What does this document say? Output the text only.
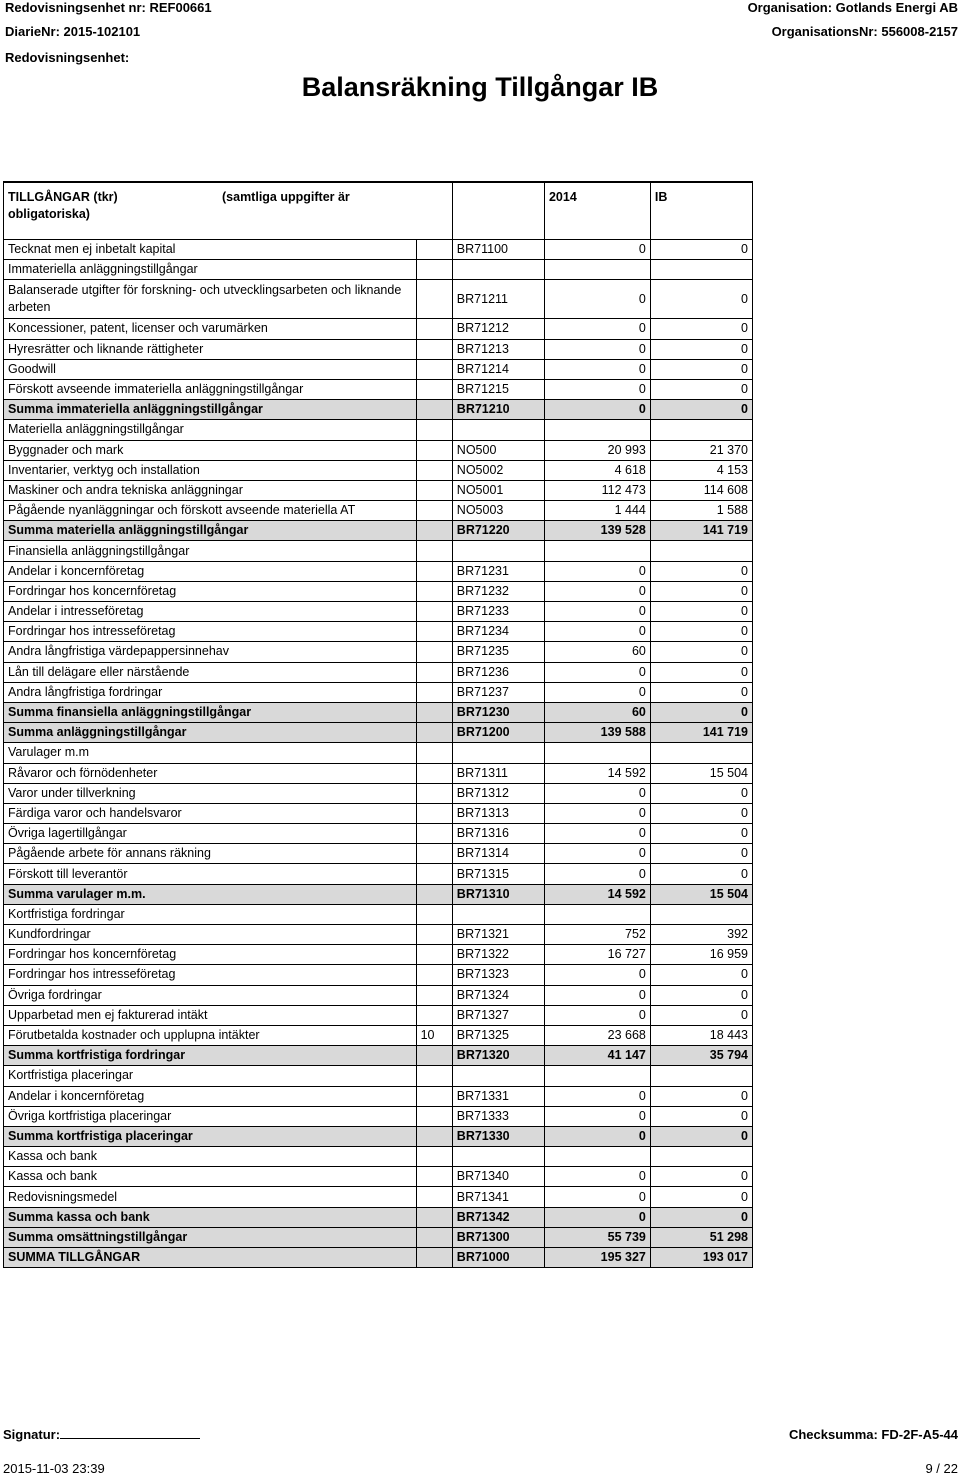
Redovisningsenhet nr: REF00661
DiarieNr: 2015-102101
Redovisningsenhet:
Organisation: Gotlands Energi AB
OrganisationsNr: 556008-2157
Balansräkning Tillgångar IB
TILLGÅNGAR (tkr) (samtliga uppgifter är

obligatoriska)			2014	IB
Tecknat men ej inbetalt kapital		BR71100	0	0
Immateriella anläggningstillgångar				
Balanserade utgifter för forskning- och utvecklingsarbeten och liknande arbeten		BR71211	0	0
Koncessioner, patent, licenser och varumärken		BR71212	0	0
Hyresrätter och liknande rättigheter		BR71213	0	0
Goodwill		BR71214	0	0
Förskott avseende immateriella anläggningstillgångar		BR71215	0	0
Summa immateriella anläggningstillgångar		BR71210	0	0
Materiella anläggningstillgångar				
Byggnader och mark		NO500	20 993	21 370
Inventarier, verktyg och installation		NO5002	4 618	4 153
Maskiner och andra tekniska anläggningar		NO5001	112 473	114 608
Pågående nyanläggningar och förskott avseende materiella AT		NO5003	1 444	1 588
Summa materiella anläggningstillgångar		BR71220	139 528	141 719
Finansiella anläggningstillgångar				
Andelar i koncernföretag		BR71231	0	0
Fordringar hos koncernföretag		BR71232	0	0
Andelar i intresseföretag		BR71233	0	0
Fordringar hos intresseföretag		BR71234	0	0
Andra långfristiga värdepappersinnehav		BR71235	60	0
Lån till delägare eller närstående		BR71236	0	0
Andra långfristiga fordringar		BR71237	0	0
Summa finansiella anläggningstillgångar		BR71230	60	0
Summa anläggningstillgångar		BR71200	139 588	141 719
Varulager m.m				
Råvaror och förnödenheter		BR71311	14 592	15 504
Varor under tillverkning		BR71312	0	0
Färdiga varor och handelsvaror		BR71313	0	0
Övriga lagertillgångar		BR71316	0	0
Pågående arbete för annans räkning		BR71314	0	0
Förskott till leverantör		BR71315	0	0
Summa varulager m.m.		BR71310	14 592	15 504
Kortfristiga fordringar				
Kundfordringar		BR71321	752	392
Fordringar hos koncernföretag		BR71322	16 727	16 959
Fordringar hos intresseföretag		BR71323	0	0
Övriga fordringar		BR71324	0	0
Upparbetad men ej fakturerad intäkt		BR71327	0	0
Förutbetalda kostnader och upplupna intäkter	10	BR71325	23 668	18 443
Summa kortfristiga fordringar		BR71320	41 147	35 794
Kortfristiga placeringar				
Andelar i koncernföretag		BR71331	0	0
Övriga kortfristiga placeringar		BR71333	0	0
Summa kortfristiga placeringar		BR71330	0	0
Kassa och bank				
Kassa och bank		BR71340	0	0
Redovisningsmedel		BR71341	0	0
Summa kassa och bank		BR71342	0	0
Summa omsättningstillgångar		BR71300	55 739	51 298
SUMMA TILLGÅNGAR		BR71000	195 327	193 017
Signatur:	Checksumma: FD-2F-A5-44
2015-11-03 23:39	9 / 22
